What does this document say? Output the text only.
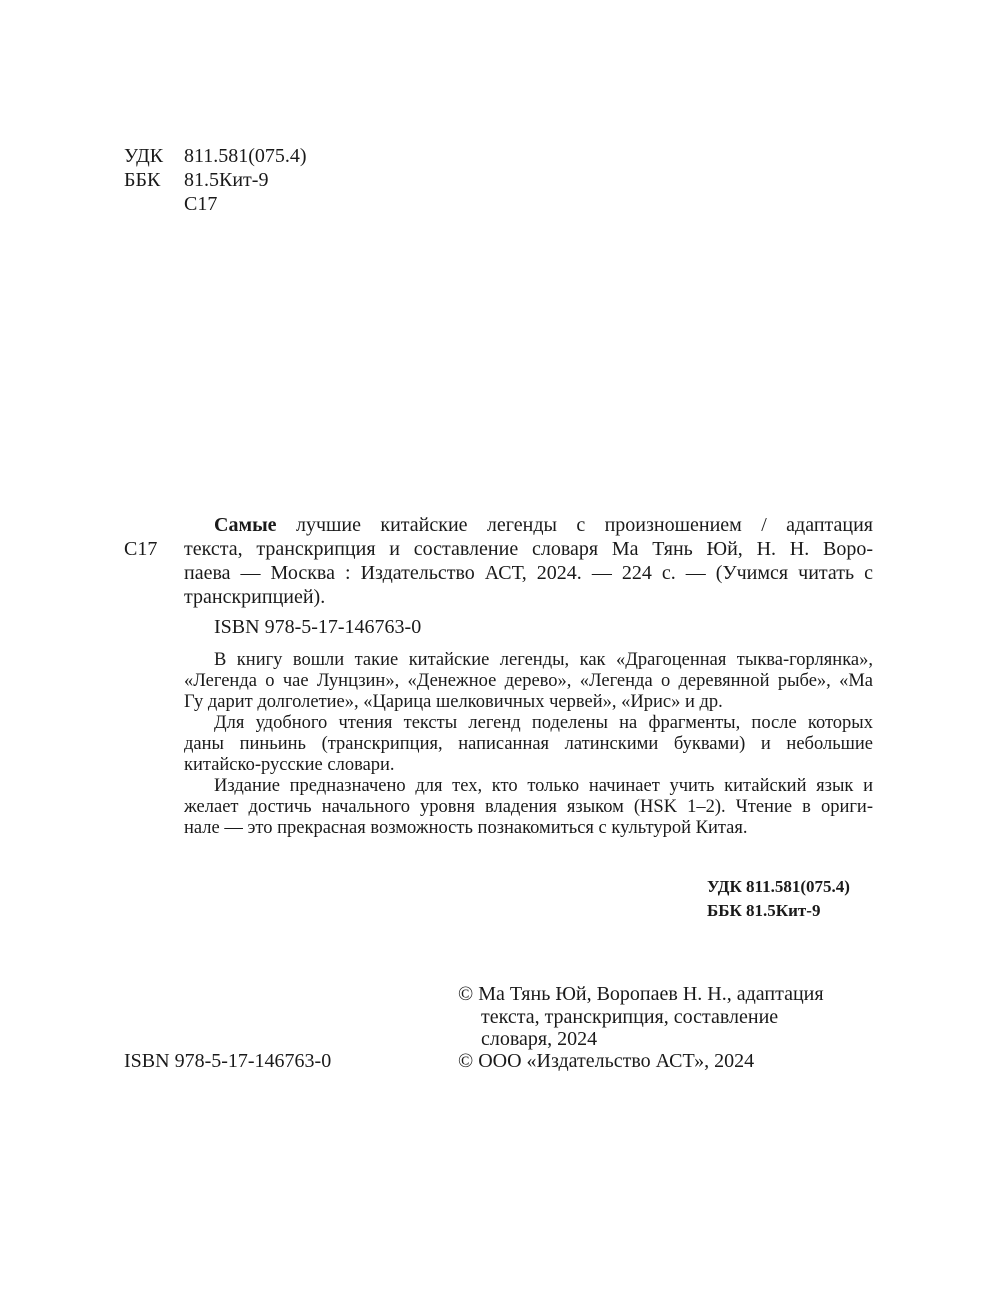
УДК 811.581(075.4)
ББК 81.5Кит-9
С17
С17
Самые лучшие китайские легенды с произношением / адаптация
текста, транскрипция и составление словаря Ма Тянь Юй, Н. Н. Воро-
паева — Москва : Издательство АСТ, 2024. — 224 с. — (Учимся читать с
транскрипцией).
ISBN 978-5-17-146763-0
В книгу вошли такие китайские легенды, как «Драгоценная тыква-горлянка»,
«Легенда о чае Лунцзин», «Денежное дерево», «Легенда о деревянной рыбе», «Ма
Гу дарит долголетие», «Царица шелковичных червей», «Ирис» и др.
Для удобного чтения тексты легенд поделены на фрагменты, после которых
даны пиньинь (транскрипция, написанная латинскими буквами) и небольшие
китайско-русские словари.
Издание предназначено для тех, кто только начинает учить китайский язык и
желает достичь начального уровня владения языком (HSK 1–2). Чтение в ориги-
нале — это прекрасная возможность познакомиться с культурой Китая.
УДК 811.581(075.4)
ББК 81.5Кит-9
© Ма Тянь Юй, Воропаев Н. Н., адаптация
текста, транскрипция, составление
словаря, 2024
© ООО «Издательство АСТ», 2024
ISBN 978-5-17-146763-0
